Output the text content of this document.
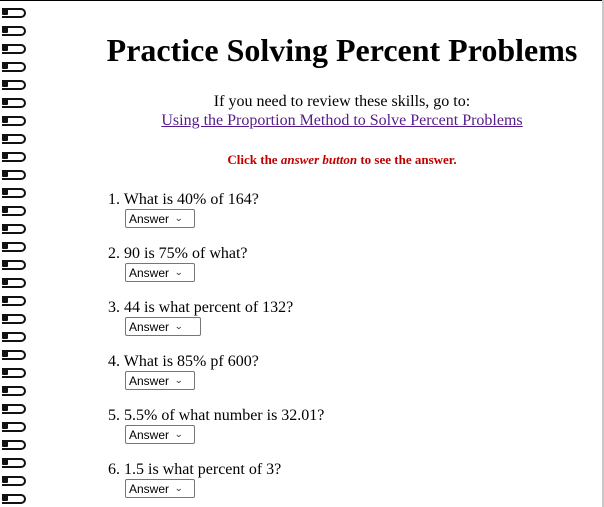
Practice Solving Percent Problems
If you need to review these skills, go to:
Using the Proportion Method to Solve Percent Problems
Click the answer button to see the answer.
1. What is 40% of 164?
Answer ⌄
2. 90 is 75% of what?
Answer ⌄
3. 44 is what percent of 132?
Answer ⌄
4. What is 85% pf 600?
Answer ⌄
5. 5.5% of what number is 32.01?
Answer ⌄
6. 1.5 is what percent of 3?
Answer ⌄
